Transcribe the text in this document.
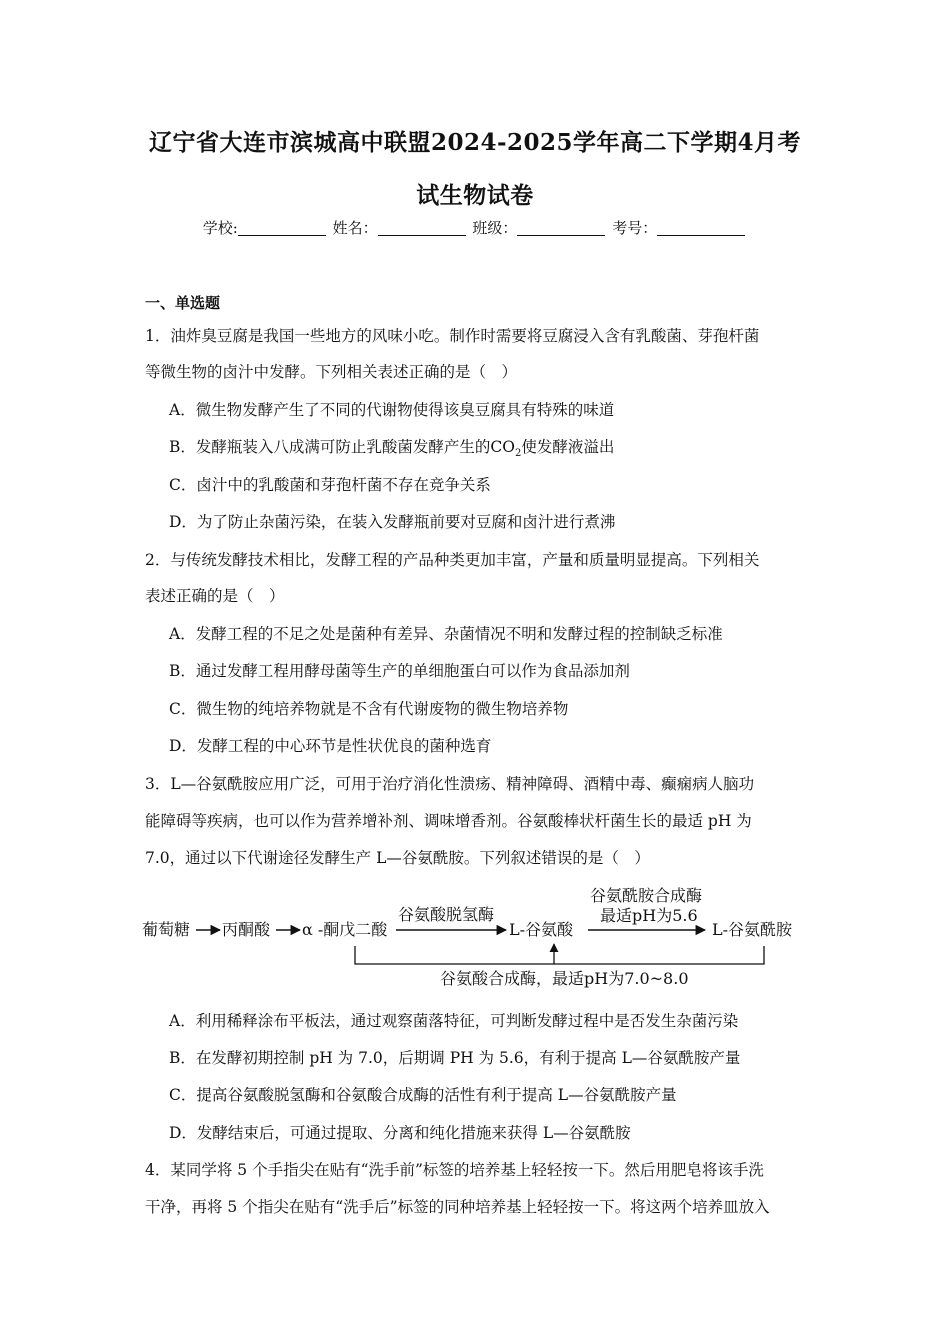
辽宁省大连市滨城高中联盟2024-2025学年高二下学期4月考
试生物试卷
学校:	姓名：	班级：	考号：
一、单选题
1．油炸臭豆腐是我国一些地方的风味小吃。制作时需要将豆腐浸入含有乳酸菌、芽孢杆菌
等微生物的卤汁中发酵。下列相关表述正确的是（　）
A．微生物发酵产生了不同的代谢物使得该臭豆腐具有特殊的味道
B．发酵瓶装入八成满可防止乳酸菌发酵产生的$CO_2$使发酵液溢出
C．卤汁中的乳酸菌和芽孢杆菌不存在竞争关系
D．为了防止杂菌污染，在装入发酵瓶前要对豆腐和卤汁进行煮沸
2．与传统发酵技术相比，发酵工程的产品种类更加丰富，产量和质量明显提高。下列相关
表述正确的是（　）
A．发酵工程的不足之处是菌种有差异、杂菌情况不明和发酵过程的控制缺乏标准
B．通过发酵工程用酵母菌等生产的单细胞蛋白可以作为食品添加剂
C．微生物的纯培养物就是不含有代谢废物的微生物培养物
D．发酵工程的中心环节是性状优良的菌种选育
3．L—谷氨酰胺应用广泛，可用于治疗消化性溃疡、精神障碍、酒精中毒、癫痫病人脑功
能障碍等疾病，也可以作为营养增补剂、调味增香剂。谷氨酸棒状杆菌生长的最适 pH 为
7.0，通过以下代谢途径发酵生产 L—谷氨酰胺。下列叙述错误的是（　）
葡萄糖 丙酮酸 α -酮戊二酸
谷氨酸脱氢酶
L-谷氨酸
谷氨酰胺合成酶
最适pH为5.6
L-谷氨酰胺
谷氨酸合成酶，最适pH为7.0~8.0
A．利用稀释涂布平板法，通过观察菌落特征，可判断发酵过程中是否发生杂菌污染
B．在发酵初期控制 pH 为 7.0，后期调 PH 为 5.6，有利于提高 L—谷氨酰胺产量
C．提高谷氨酸脱氢酶和谷氨酸合成酶的活性有利于提高 L—谷氨酰胺产量
D．发酵结束后，可通过提取、分离和纯化措施来获得 L—谷氨酰胺
4．某同学将 5 个手指尖在贴有“洗手前”标签的培养基上轻轻按一下。然后用肥皂将该手洗
干净，再将 5 个指尖在贴有“洗手后”标签的同种培养基上轻轻按一下。将这两个培养皿放入
